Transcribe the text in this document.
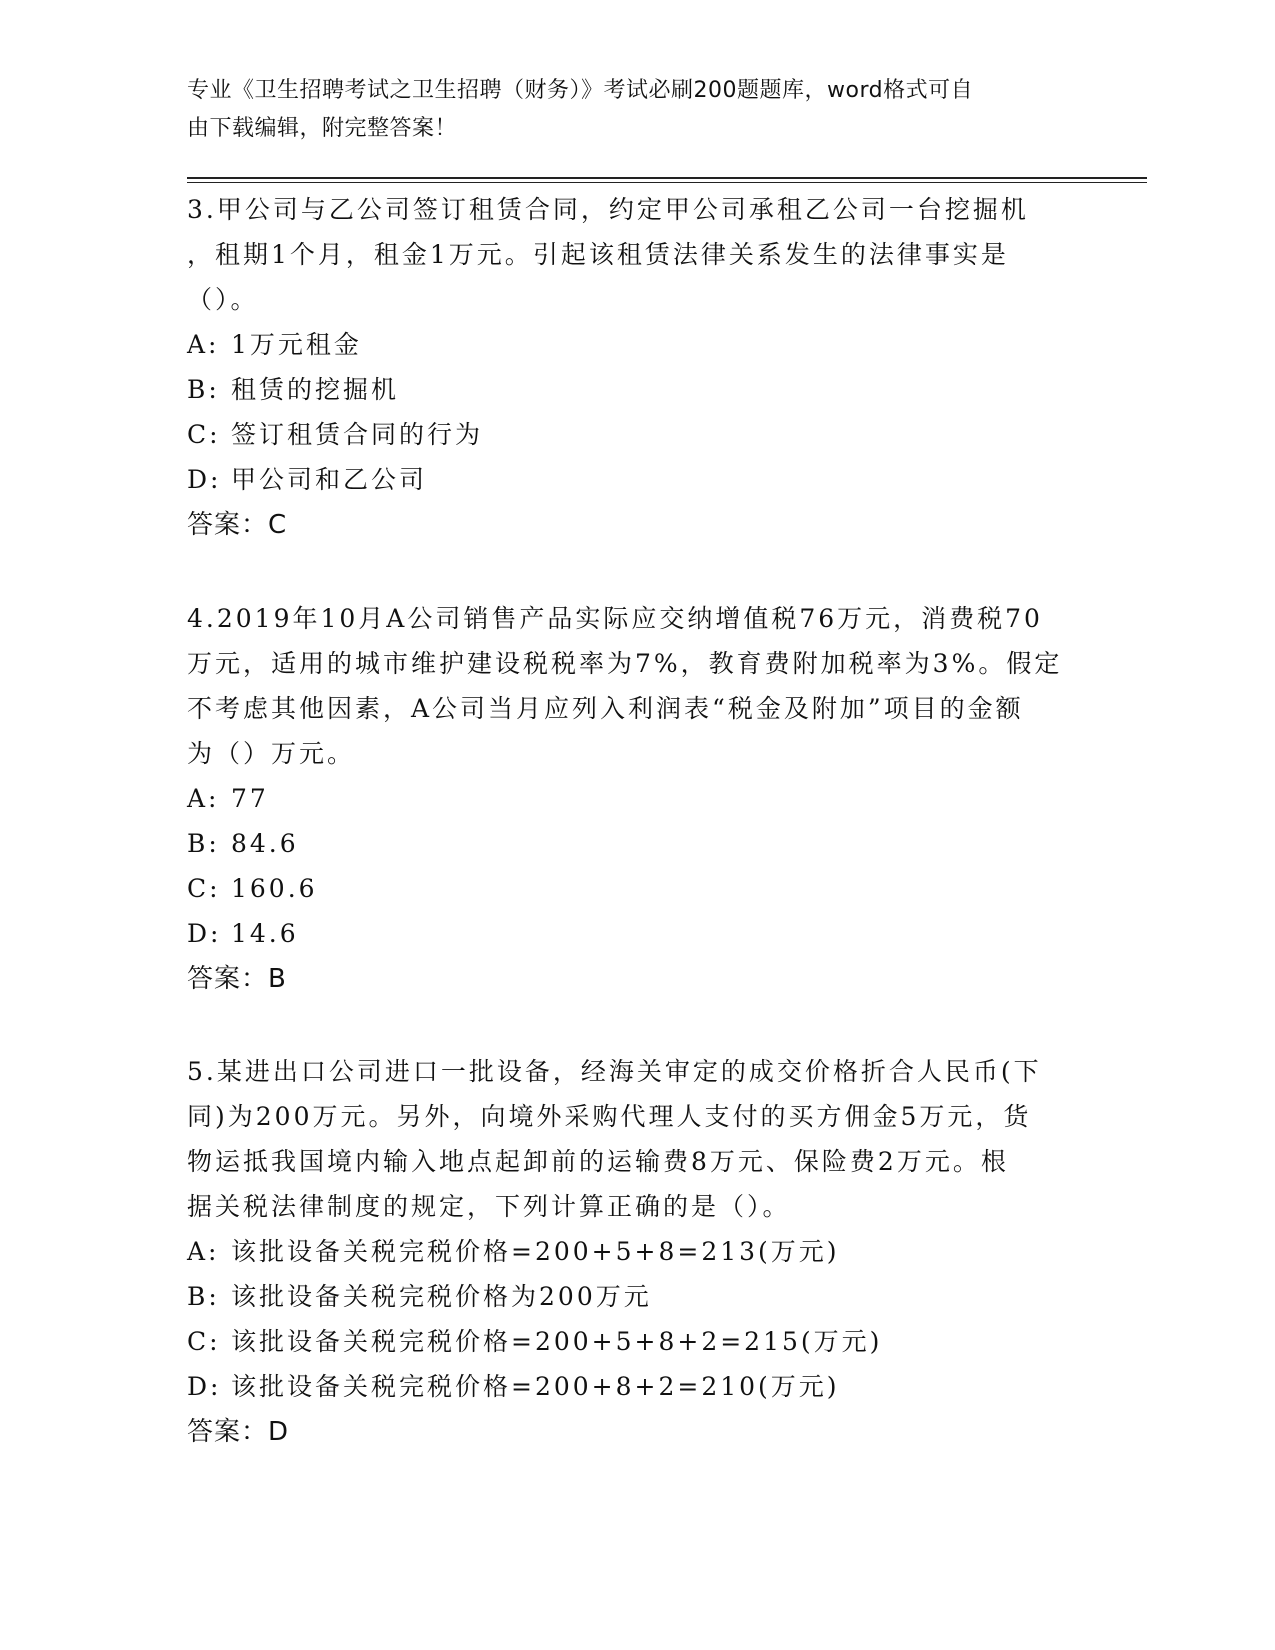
专业《卫生招聘考试之卫生招聘（财务）》考试必刷200题题库，word格式可自
由下载编辑，附完整答案！
3.甲公司与乙公司签订租赁合同，约定甲公司承租乙公司一台挖掘机
，租期1个月，租金1万元。引起该租赁法律关系发生的法律事实是
（）。
A: 1万元租金
B: 租赁的挖掘机
C: 签订租赁合同的行为
D: 甲公司和乙公司
答案：C
4.2019年10月A公司销售产品实际应交纳增值税76万元，消费税70
万元，适用的城市维护建设税税率为7%，教育费附加税率为3%。假定
不考虑其他因素，A公司当月应列入利润表“税金及附加”项目的金额
为（）万元。
A: 77
B: 84.6
C: 160.6
D: 14.6
答案：B
5.某进出口公司进口一批设备，经海关审定的成交价格折合人民币(下
同)为200万元。另外，向境外采购代理人支付的买方佣金5万元，货
物运抵我国境内输入地点起卸前的运输费8万元、保险费2万元。根
据关税法律制度的规定，下列计算正确的是（）。
A: 该批设备关税完税价格=200+5+8=213(万元)
B: 该批设备关税完税价格为200万元
C: 该批设备关税完税价格=200+5+8+2=215(万元)
D: 该批设备关税完税价格=200+8+2=210(万元)
答案：D
